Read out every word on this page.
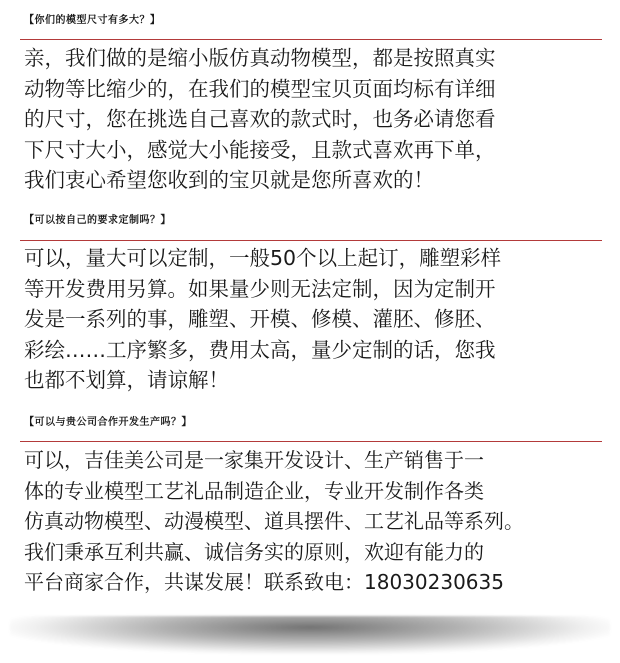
【你们的模型尺寸有多大？】
亲，我们做的是缩小版仿真动物模型，都是按照真实
动物等比缩少的，在我们的模型宝贝页面均标有详细
的尺寸，您在挑选自己喜欢的款式时，也务必请您看
下尺寸大小，感觉大小能接受，且款式喜欢再下单，
我们衷心希望您收到的宝贝就是您所喜欢的！
【可以按自己的要求定制吗？】
可以，量大可以定制，一般50个以上起订，雕塑彩样
等开发费用另算。如果量少则无法定制，因为定制开
发是一系列的事，雕塑、开模、修模、灌胚、修胚、
彩绘……工序繁多，费用太高，量少定制的话，您我
也都不划算，请谅解！
【可以与贵公司合作开发生产吗？】
可以，吉佳美公司是一家集开发设计、生产销售于一
体的专业模型工艺礼品制造企业，专业开发制作各类
仿真动物模型、动漫模型、道具摆件、工艺礼品等系列。
我们秉承互利共赢、诚信务实的原则，欢迎有能力的
平台商家合作，共谋发展！联系致电：18030230635
